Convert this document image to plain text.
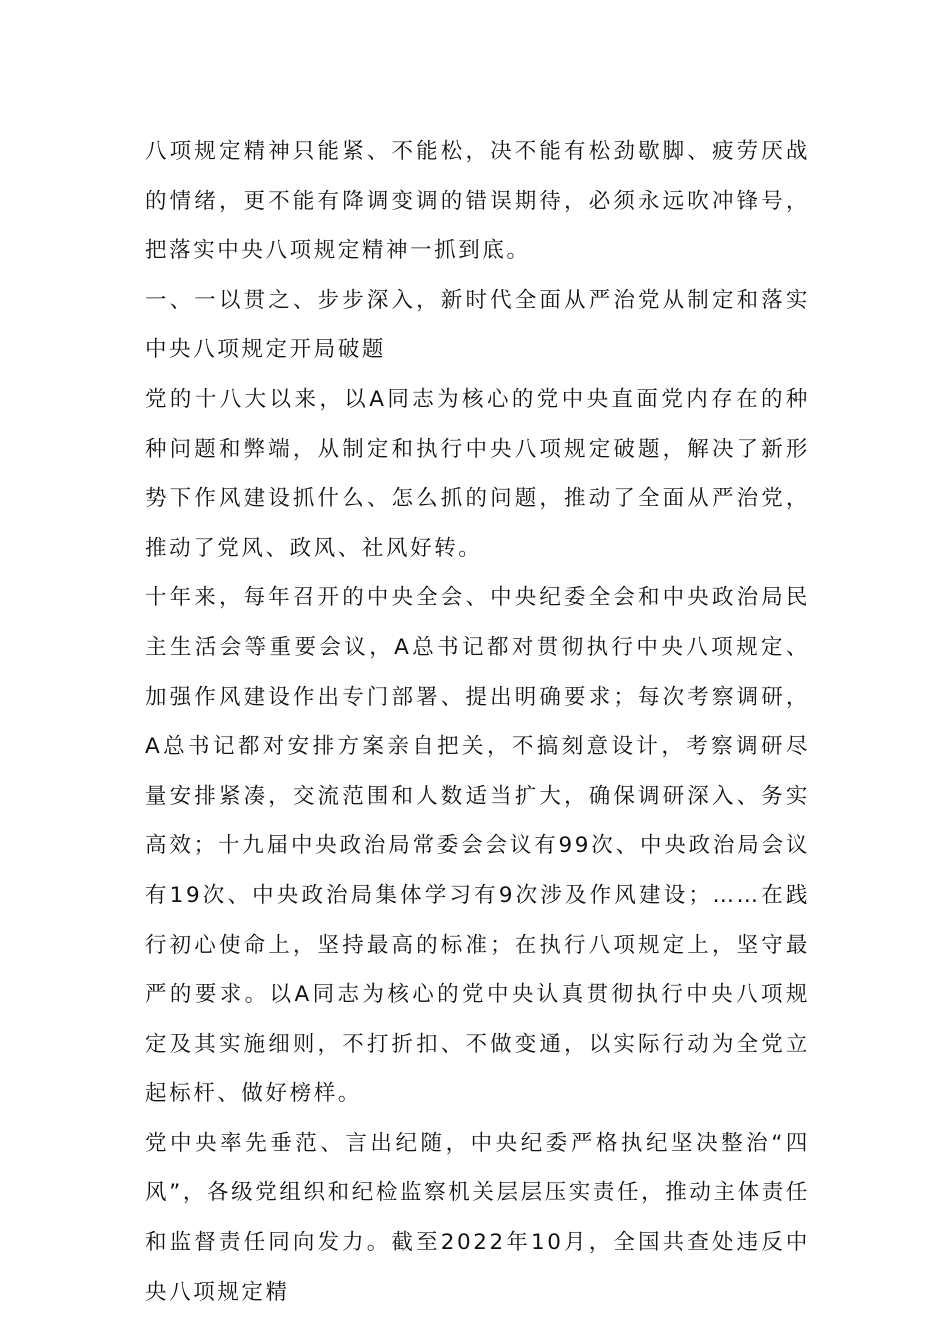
八项规定精神只能紧、不能松，决不能有松劲歇脚、疲劳厌战的情绪，更不能有降调变调的错误期待，必须永远吹冲锋号，把落实中央八项规定精神一抓到底。

一、一以贯之、步步深入，新时代全面从严治党从制定和落实中央八项规定开局破题

党的十八大以来，以A同志为核心的党中央直面党内存在的种种问题和弊端，从制定和执行中央八项规定破题，解决了新形势下作风建设抓什么、怎么抓的问题，推动了全面从严治党，推动了党风、政风、社风好转。

十年来，每年召开的中央全会、中央纪委全会和中央政治局民主生活会等重要会议，A总书记都对贯彻执行中央八项规定、加强作风建设作出专门部署、提出明确要求；每次考察调研，A总书记都对安排方案亲自把关，不搞刻意设计，考察调研尽量安排紧凑，交流范围和人数适当扩大，确保调研深入、务实高效；十九届中央政治局常委会会议有99次、中央政治局会议有19次、中央政治局集体学习有9次涉及作风建设；……在践行初心使命上，坚持最高的标准；在执行八项规定上，坚守最严的要求。以A同志为核心的党中央认真贯彻执行中央八项规定及其实施细则，不打折扣、不做变通，以实际行动为全党立起标杆、做好榜样。

党中央率先垂范、言出纪随，中央纪委严格执纪坚决整治“四风”，各级党组织和纪检监察机关层层压实责任，推动主体责任和监督责任同向发力。截至2022年10月，全国共查处违反中央八项规定精
